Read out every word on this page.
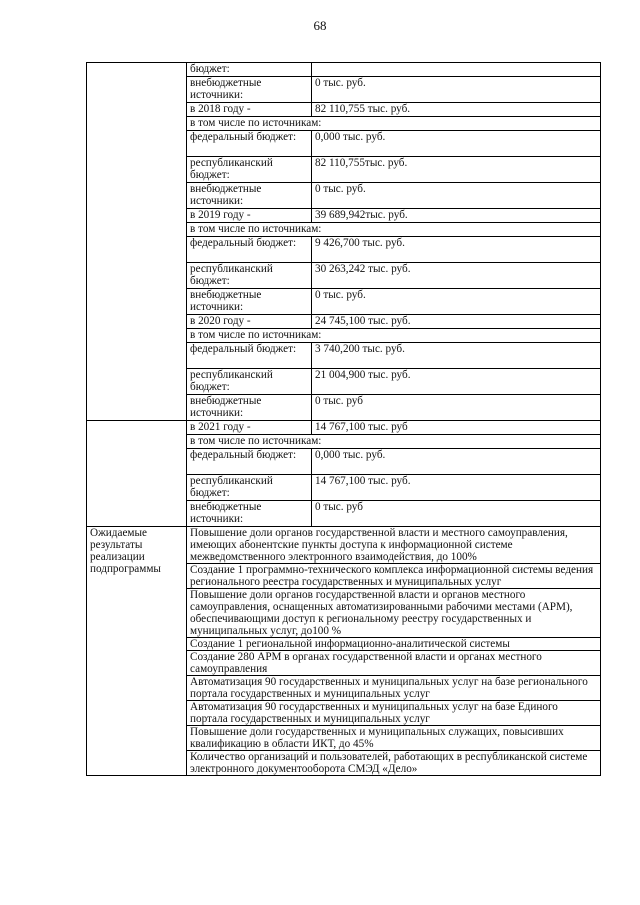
68
	бюджет:	
	внебюджетные источники:	0 тыс. руб.
	в 2018 году -	82 110,755 тыс. руб.
	в том числе по источникам:	
	федеральный бюджет:	0,000 тыс. руб.
	республиканский бюджет:	82 110,755тыс. руб.
	внебюджетные источники:	0 тыс. руб.
	в 2019 году -	39 689,942тыс. руб.
	в том числе по источникам:	
	федеральный бюджет:	9 426,700 тыс. руб.
	республиканский бюджет:	30 263,242 тыс. руб.
	внебюджетные источники:	0 тыс. руб.
	в 2020 году -	24 745,100 тыс. руб.
	в том числе по источникам:	
	федеральный бюджет:	3 740,200 тыс. руб.
	республиканский бюджет:	21 004,900 тыс. руб.
	внебюджетные источники:	0 тыс. руб
	в 2021 году -	14 767,100 тыс. руб
	в том числе по источникам:	
	федеральный бюджет:	0,000 тыс. руб.
	республиканский бюджет:	14 767,100 тыс. руб.
	внебюджетные источники:	0 тыс. руб
Ожидаемые результаты реализации подпрограммы	Повышение доли органов государственной власти и местного самоуправления, имеющих абонентские пункты доступа к информационной системе межведомственного электронного взаимодействия, до 100%	
	Создание 1 программно-технического комплекса информационной системы ведения регионального реестра государственных и муниципальных услуг	
	Повышение доли органов государственной власти и органов местного самоуправления, оснащенных автоматизированными рабочими местами (АРМ), обеспечивающими доступ к региональному реестру государственных и муниципальных услуг, до100 %	
	Создание 1 региональной информационно-аналитической системы	
	Создание 280 АРМ в органах государственной власти и органах местного самоуправления	
	Автоматизация 90 государственных и муниципальных услуг на базе регионального портала государственных и муниципальных услуг	
	Автоматизация 90 государственных и муниципальных услуг на базе Единого портала государственных и муниципальных услуг	
	Повышение доли государственных и муниципальных служащих, повысивших квалификацию в области ИКТ, до 45%	
	Количество организаций и пользователей, работающих в республиканской системе электронного документооборота СМЭД «Дело»	
